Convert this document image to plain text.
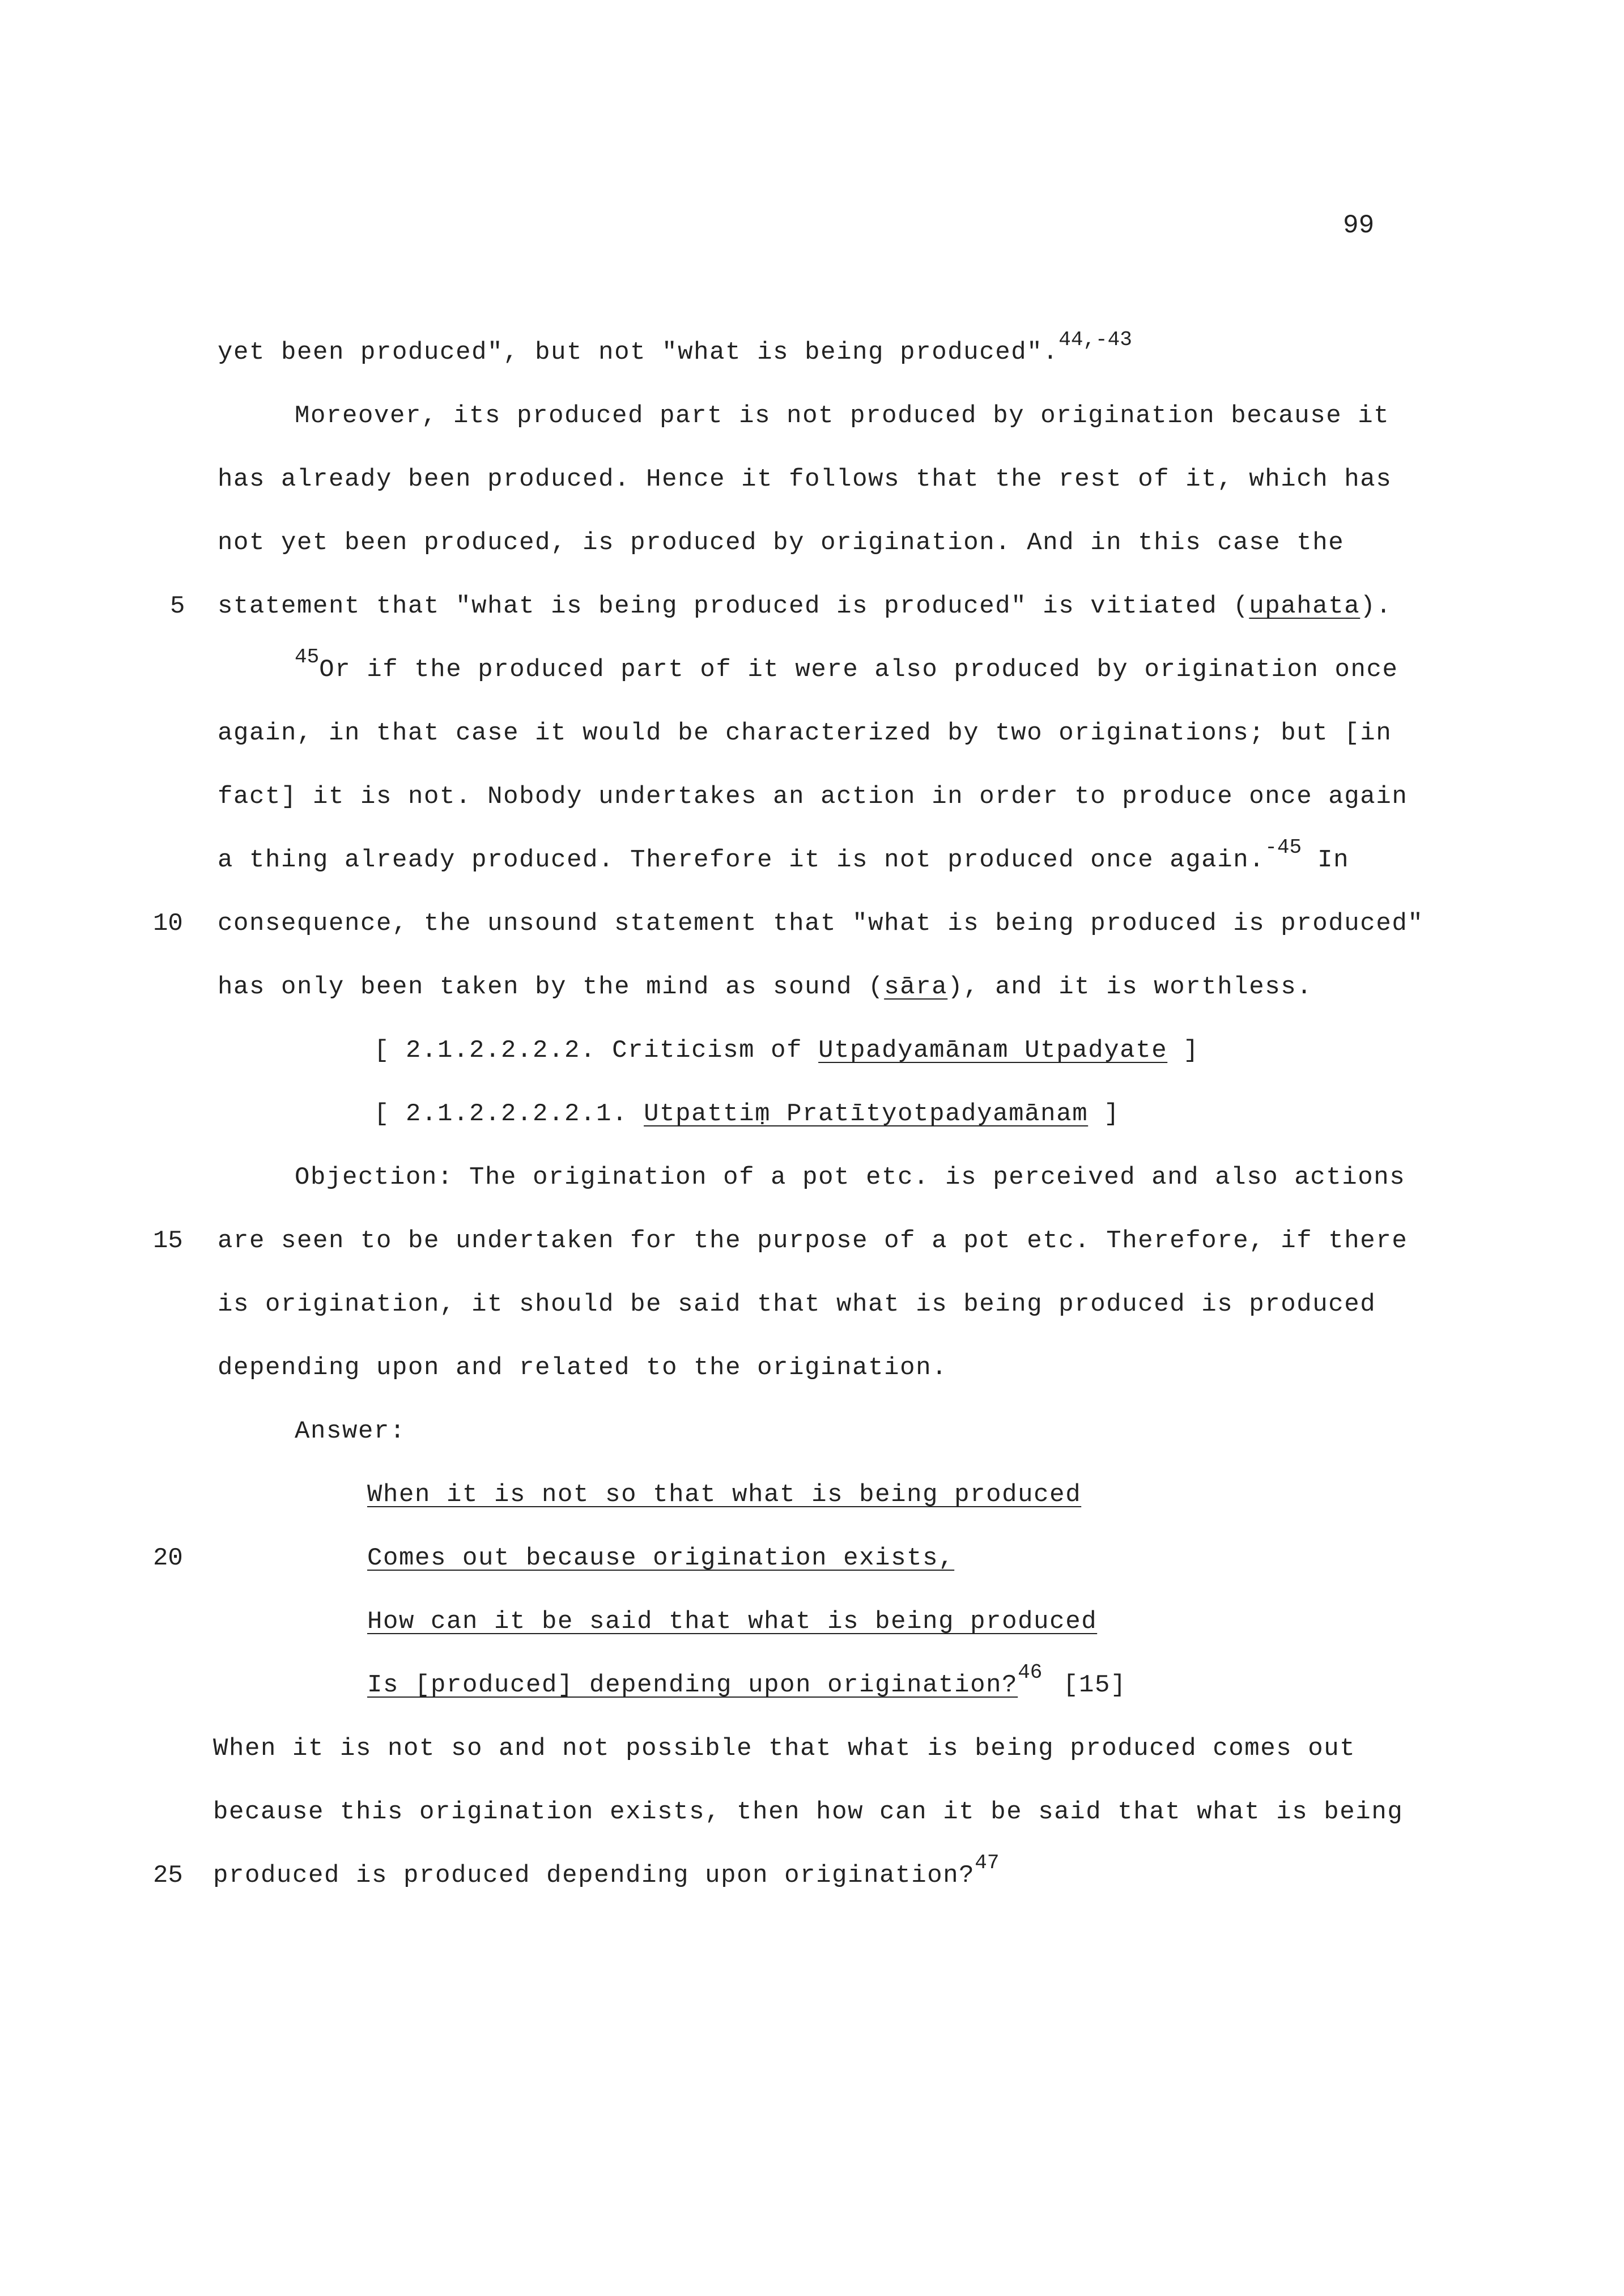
99
yet been produced", but not "what is being produced".$^{44,-43}$
Moreover, its produced part is not produced by origination because it
has already been produced. Hence it follows that the rest of it, which has
not yet been produced, is produced by origination. And in this case the
5 statement that "what is being produced is produced" is vitiated (upahata).
$^{45}$Or if the produced part of it were also produced by origination once
again, in that case it would be characterized by two originations; but [in
fact] it is not. Nobody undertakes an action in order to produce once again
a thing already produced. Therefore it is not produced once again.$^{-45}$ In
10 consequence, the unsound statement that "what is being produced is produced"
has only been taken by the mind as sound (sāra), and it is worthless.
[ 2.1.2.2.2.2. Criticism of Utpadyamānam Utpadyate ]
[ 2.1.2.2.2.2.1. Utpattiṃ Pratītyotpadyamānam ]
Objection: The origination of a pot etc. is perceived and also actions
15 are seen to be undertaken for the purpose of a pot etc. Therefore, if there
is origination, it should be said that what is being produced is produced
depending upon and related to the origination.
Answer:
When it is not so that what is being produced
20	Comes out because origination exists,
How can it be said that what is being produced
Is [produced] depending upon origination?$^{46}$ [15]
When it is not so and not possible that what is being produced comes out
because this origination exists, then how can it be said that what is being
25 produced is produced depending upon origination?$^{47}$
